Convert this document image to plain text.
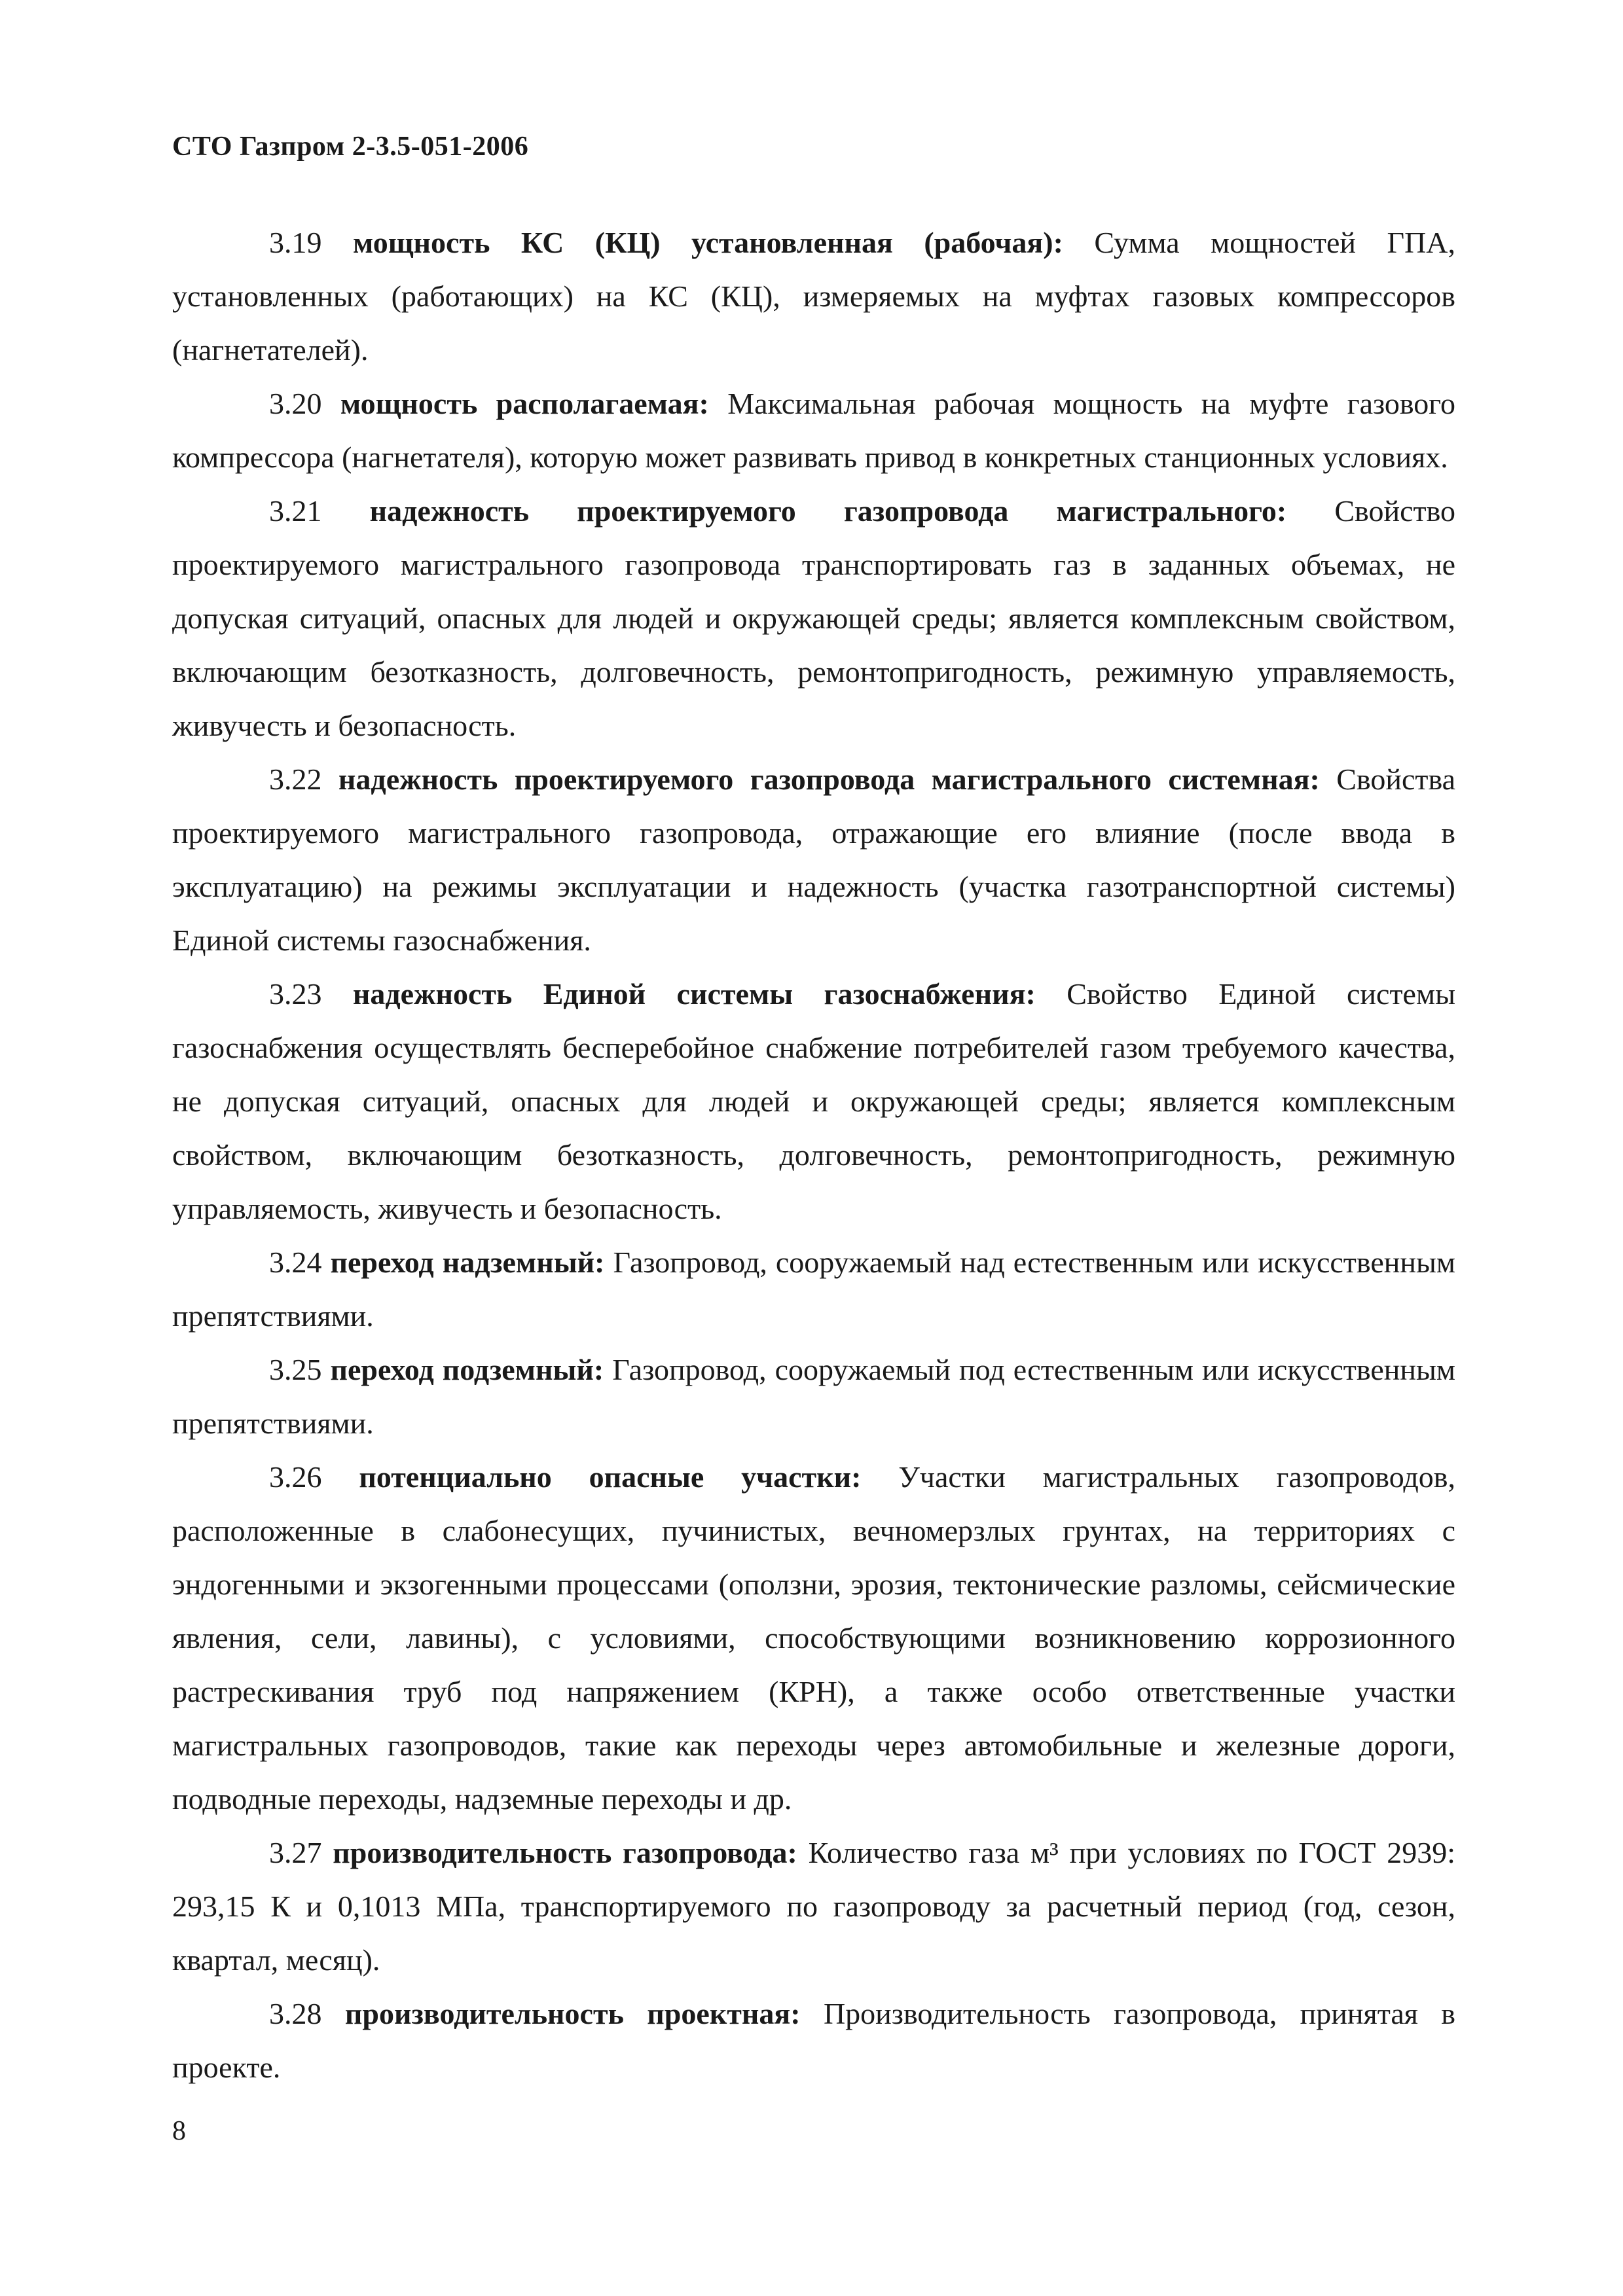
СТО Газпром 2-3.5-051-2006

3.19 мощность КС (КЦ) установленная (рабочая): Сумма мощностей ГПА, установленных (работающих) на КС (КЦ), измеряемых на муфтах газовых компрессоров (нагнетателей).

3.20 мощность располагаемая: Максимальная рабочая мощность на муфте газового компрессора (нагнетателя), которую может развивать привод в конкретных станционных условиях.

3.21 надежность проектируемого газопровода магистрального: Свойство проектируемого магистрального газопровода транспортировать газ в заданных объемах, не допуская ситуаций, опасных для людей и окружающей среды; является комплексным свойством, включающим безотказность, долговечность, ремонтопригодность, режимную управляемость, живучесть и безопасность.

3.22 надежность проектируемого газопровода магистрального системная: Свойства проектируемого магистрального газопровода, отражающие его влияние (после ввода в эксплуатацию) на режимы эксплуатации и надежность (участка газотранспортной системы) Единой системы газоснабжения.

3.23 надежность Единой системы газоснабжения: Свойство Единой системы газоснабжения осуществлять бесперебойное снабжение потребителей газом требуемого качества, не допуская ситуаций, опасных для людей и окружающей среды; является комплексным свойством, включающим безотказность, долговечность, ремонтопригодность, режимную управляемость, живучесть и безопасность.

3.24 переход надземный: Газопровод, сооружаемый над естественным или искусственным препятствиями.

3.25 переход подземный: Газопровод, сооружаемый под естественным или искусственным препятствиями.

3.26 потенциально опасные участки: Участки магистральных газопроводов, расположенные в слабонесущих, пучинистых, вечномерзлых грунтах, на территориях с эндогенными и экзогенными процессами (оползни, эрозия, тектонические разломы, сейсмические явления, сели, лавины), с условиями, способствующими возникновению коррозионного растрескивания труб под напряжением (КРН), а также особо ответственные участки магистральных газопроводов, такие как переходы через автомобильные и железные дороги, подводные переходы, надземные переходы и др.

3.27 производительность газопровода: Количество газа м³ при условиях по ГОСТ 2939: 293,15 К и 0,1013 МПа, транспортируемого по газопроводу за расчетный период (год, сезон, квартал, месяц).

3.28 производительность проектная: Производительность газопровода, принятая в проекте.

8
